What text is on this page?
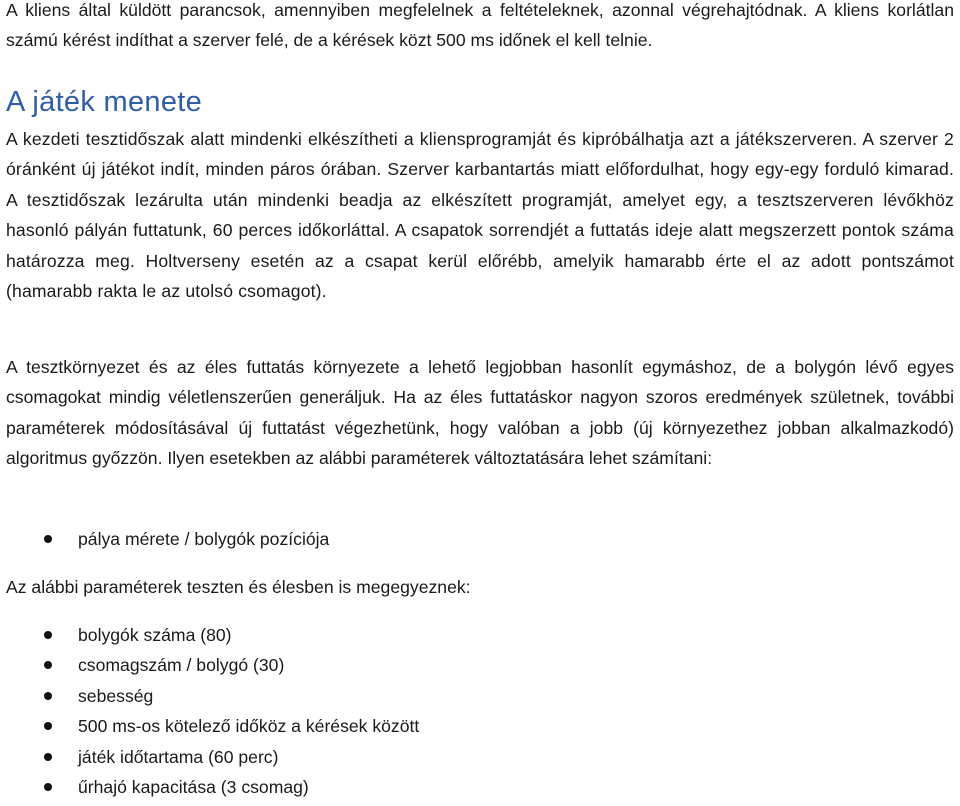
A kliens által küldött parancsok, amennyiben megfelelnek a feltételeknek, azonnal végrehajtódnak. A kliens korlátlan számú kérést indíthat a szerver felé, de a kérések közt 500 ms időnek el kell telnie.

A játék menete

A kezdeti tesztidőszak alatt mindenki elkészítheti a kliensprogramját és kipróbálhatja azt a játékszerveren. A szerver 2 óránként új játékot indít, minden páros órában. Szerver karbantartás miatt előfordulhat, hogy egy-egy forduló kimarad. A tesztidőszak lezárulta után mindenki beadja az elkészített programját, amelyet egy, a tesztszerveren lévőkhöz hasonló pályán futtatunk, 60 perces időkorláttal. A csapatok sorrendjét a futtatás ideje alatt megszerzett pontok száma határozza meg. Holtverseny esetén az a csapat kerül előrébb, amelyik hamarabb érte el az adott pontszámot (hamarabb rakta le az utolsó csomagot).

A tesztkörnyezet és az éles futtatás környezete a lehető legjobban hasonlít egymáshoz, de a bolygón lévő egyes csomagokat mindig véletlenszerűen generáljuk. Ha az éles futtatáskor nagyon szoros eredmények születnek, további paraméterek módosításával új futtatást végezhetünk, hogy valóban a jobb (új környezethez jobban alkalmazkodó) algoritmus győzzön. Ilyen esetekben az alábbi paraméterek változtatására lehet számítani:

pálya mérete / bolygók pozíciója

Az alábbi paraméterek teszten és élesben is megegyeznek:

bolygók száma (80)
csomagszám / bolygó (30)
sebesség
500 ms-os kötelező időköz a kérések között
játék időtartama (60 perc)
űrhajó kapacitása (3 csomag)
